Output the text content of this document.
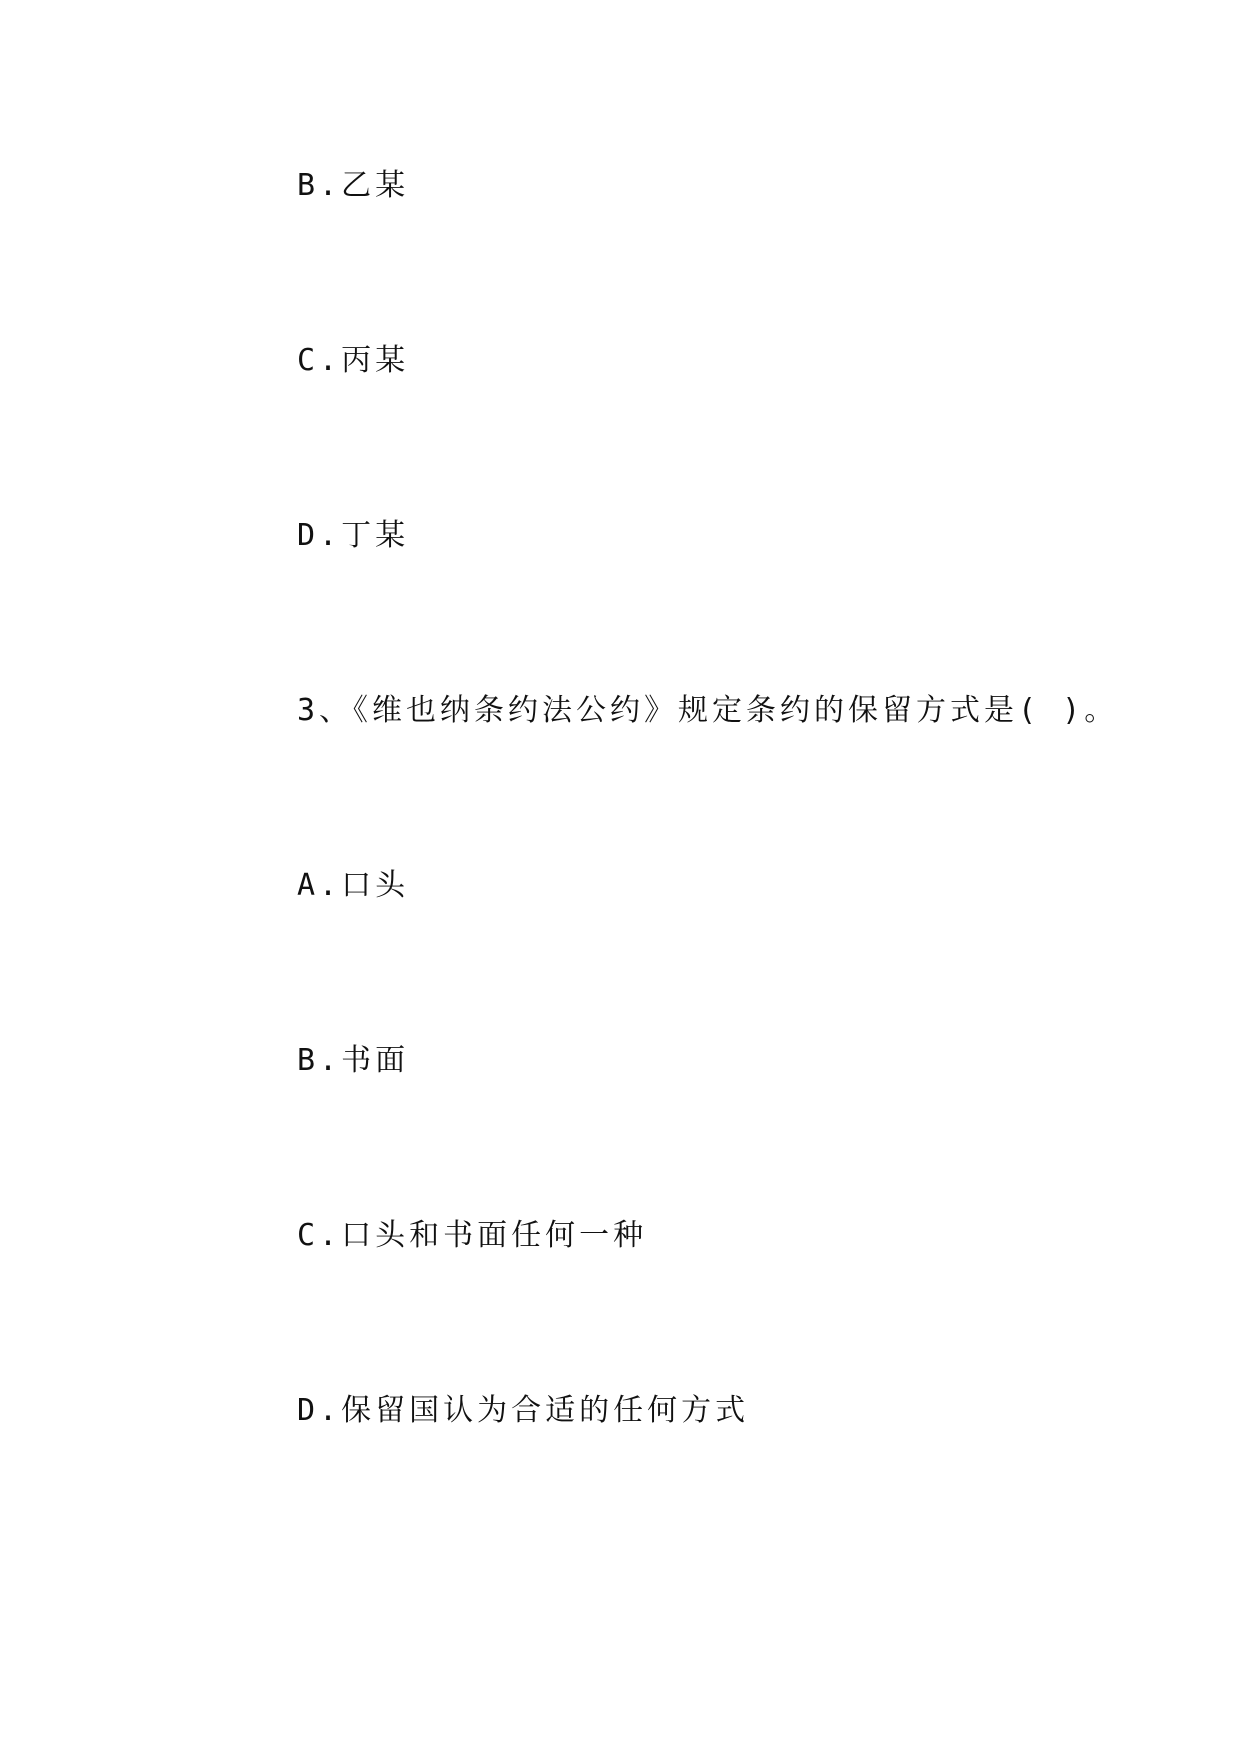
B.乙某
C.丙某
D.丁某
3、《维也纳条约法公约》规定条约的保留方式是( )。
A.口头
B.书面
C.口头和书面任何一种
D.保留国认为合适的任何方式
